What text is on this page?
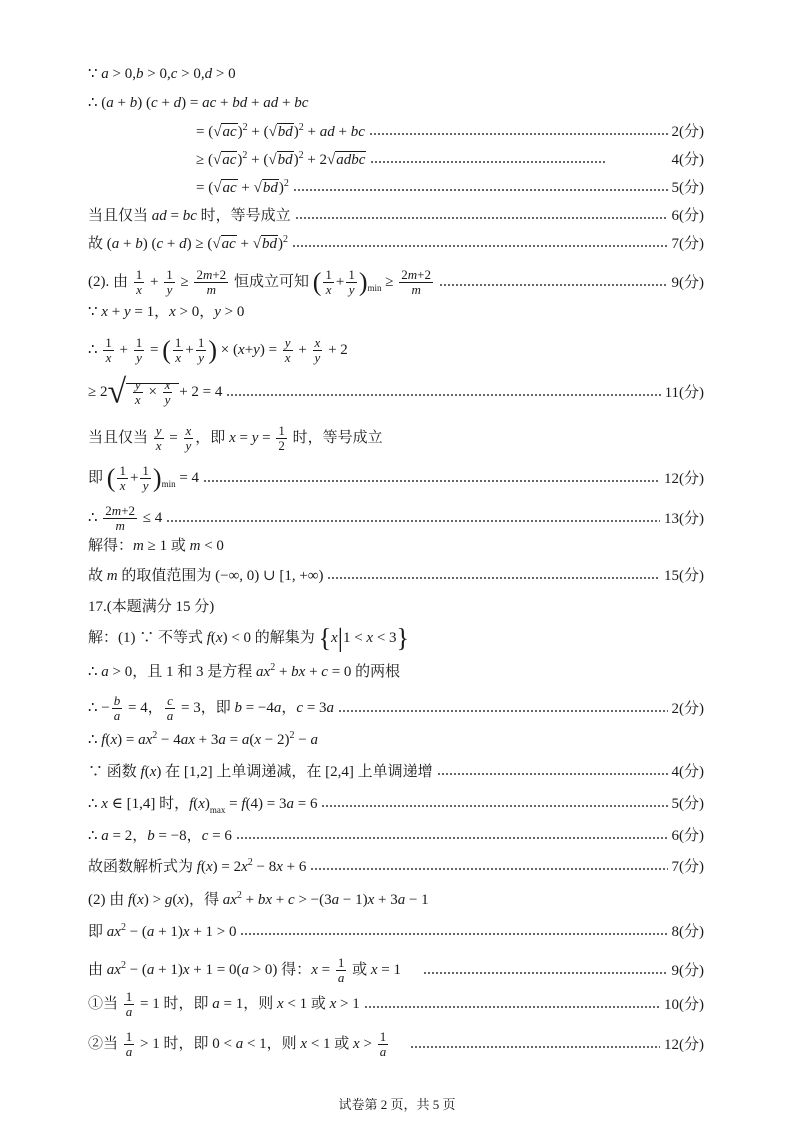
∵ a > 0,b > 0,c > 0,d > 0
∴ (a + b) (c + d) = ac + bd + ad + bc
= $(√ac)^2 + (√bd)^2$ + ad + bc	2(分)
≥ $(√ac)^2 + (√bd)^2$ + 2√adbc	4(分)
= $(√ac + √bd)^2$	5(分)
当且仅当 ad = bc 时，等号成立	6(分)
故 (a + b) $(c + d) \ge (√ac + √bd)^2$	7(分)
(2). 由 $\frac{1}{x} + \frac{1}{y} \ge \frac{2m+2}{m}$ 恒成立可知 ( $\frac{1}{x} + \frac{1}{y} )_{min} \ge \frac{2m+2}{m}$	9(分)
∵ x + y = 1，x > 0，y > 0
∴ $\frac{1}{x} + \frac{1}{y}$ = ( $\frac{1}{x} + \frac{1}{y}$ ) × $(x+y) = \frac{y}{x} + \frac{x}{y} + 2$
≥ $2√ \frac{y}{x} \times \frac{x}{y} + 2 = 4$	11(分)
当且仅当 $\frac{y}{x} = \frac{x}{y}$ ，即 $x = y = \frac{1}{2}$ 时，等号成立
即 ( $\frac{1}{x} + \frac{1}{y} )_{min} = 4$	12(分)
∴ $\frac{2m+2}{m} \le 4$	13(分)
解得：m ≥ 1 或 m < 0
故 m 的取值范围为 (−∞, 0) ∪ [1, +∞)	15(分)
17.(本题满分 15 分)
解：(1) ∵ 不等式 f(x) < 0 的解集为 {x|1 < x < 3}
∴ a > 0，且 1 和 3 是方程 $ax^2$ + bx + c = 0 的两根
∴ − $\frac{b}{a} = 4$， $\frac{c}{a} = 3$，即 b = −4a，c = 3a	2(分)
∴ $f(x) = ax^2 - 4ax + 3a = a(x - 2)^2 - a$
∵ 函数 f(x) 在 [1,2] 上单调递减，在 [2,4] 上单调递增	4(分)
∴ x ∈ [1,4] 时，$f(x)_{max} = f(4) = 3a = 6$	5(分)
∴ a = 2，b = −8，c = 6	6(分)
故函数解析式为 $f(x) = 2x^2 - 8x + 6$	7(分)
(2) 由 f(x) > g(x)，得 $ax^2$ + bx + c > −(3a − 1)x + 3a − 1
即 $ax^2 - (a + 1)x + 1 > 0$	8(分)
由 $ax^2 - (a + 1)x + 1 = 0(a > 0)$ 得：$x = \frac{1}{a}$ 或 x = 1	9(分)
①当 $\frac{1}{a} = 1$ 时，即 a = 1，则 x < 1 或 x > 1	10(分)
②当 $\frac{1}{a} > 1$ 时，即 0 < a < 1，则 x < 1 或 $x > \frac{1}{a}$	12(分)
试卷第 2 页，共 5 页
